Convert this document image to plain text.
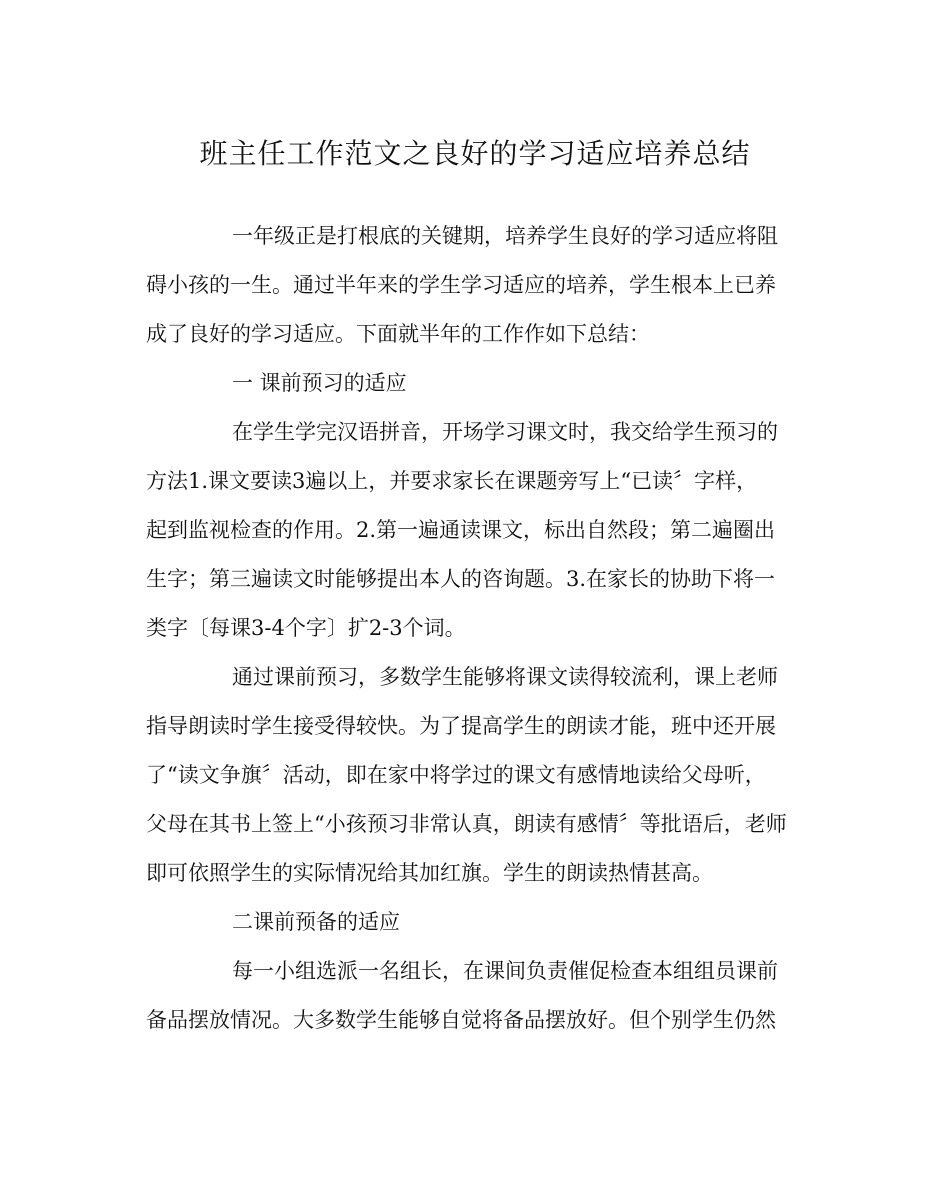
班主任工作范文之良好的学习适应培养总结
一年级正是打根底的关键期，培养学生良好的学习适应将阻
碍小孩的一生。通过半年来的学生学习适应的培养，学生根本上已养
成了良好的学习适应。下面就半年的工作作如下总结：
一 课前预习的适应
在学生学完汉语拼音，开场学习课文时，我交给学生预习的
方法1.课文要读3遍以上，并要求家长在课题旁写上“已读〞字样，
起到监视检查的作用。2.第一遍通读课文，标出自然段；第二遍圈出
生字；第三遍读文时能够提出本人的咨询题。3.在家长的协助下将一
类字〔每课3-4个字〕扩2-3个词。
通过课前预习，多数学生能够将课文读得较流利，课上老师
指导朗读时学生接受得较快。为了提高学生的朗读才能，班中还开展
了“读文争旗〞活动，即在家中将学过的课文有感情地读给父母听，
父母在其书上签上“小孩预习非常认真，朗读有感情〞等批语后，老师
即可依照学生的实际情况给其加红旗。学生的朗读热情甚高。
二课前预备的适应
每一小组选派一名组长，在课间负责催促检查本组组员课前
备品摆放情况。大多数学生能够自觉将备品摆放好。但个别学生仍然
